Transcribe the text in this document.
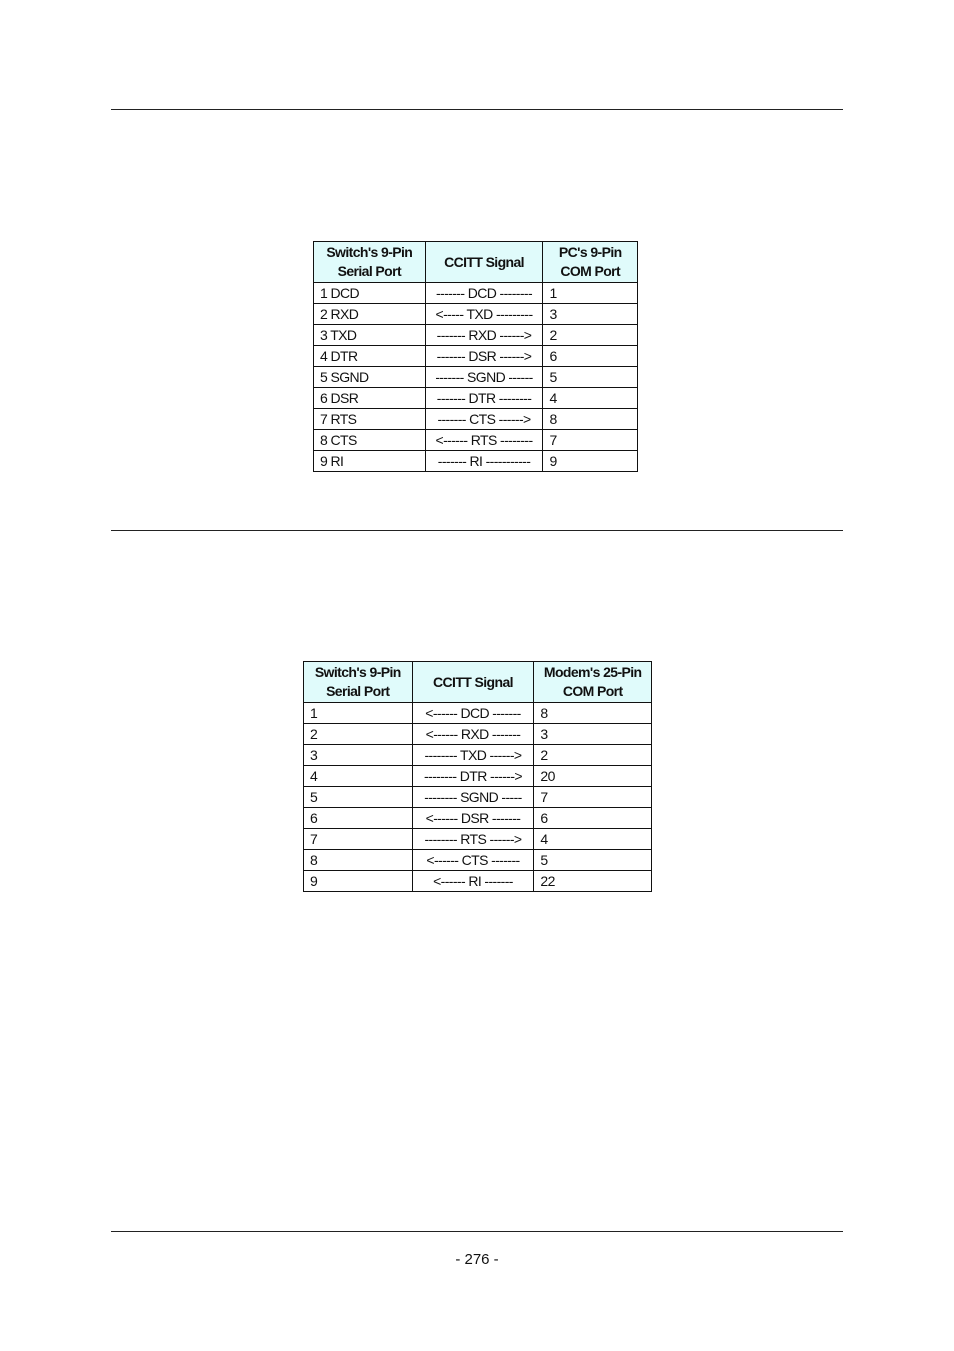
Switch's 9-Pin Serial Port	CCITT Signal	PC's 9-Pin COM Port
1 DCD	------- DCD --------	1
2 RXD	<----- TXD ---------	3
3 TXD	------- RXD ------>	2
4 DTR	------- DSR ------>	6
5 SGND	------- SGND ------	5
6 DSR	------- DTR --------	4
7 RTS	------- CTS ------>	8
8 CTS	<------ RTS --------	7
9 RI	------- RI -----------	9
Switch's 9-Pin Serial Port	CCITT Signal	Modem's 25-Pin COM Port
1	<------ DCD -------	8
2	<------ RXD -------	3
3	-------- TXD ------>	2
4	-------- DTR ------>	20
5	-------- SGND -----	7
6	<------ DSR -------	6
7	-------- RTS ------>	4
8	<------ CTS -------	5
9	<------ RI -------	22
- 276 -
